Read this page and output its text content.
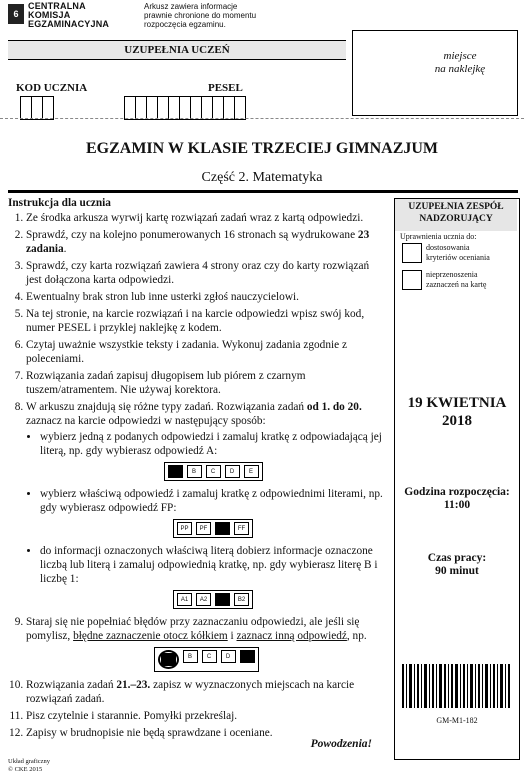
6
CENTRALNA
KOMISJA
EGZAMINACYJNA
Arkusz zawiera informacje
prawnie chronione do momentu
rozpoczęcia egzaminu.
UZUPEŁNIA UCZEŃ
KOD UCZNIA	PESEL
miejsce
na naklejkę
EGZAMIN W KLASIE TRZECIEJ GIMNAZJUM
Część 2. Matematyka
Instrukcja dla ucznia
1. Ze środka arkusza wyrwij kartę rozwiązań zadań wraz z kartą odpowiedzi.
2. Sprawdź, czy na kolejno ponumerowanych 16 stronach są wydrukowane 23 zadania.
3. Sprawdź, czy karta rozwiązań zawiera 4 strony oraz czy do karty rozwiązań jest dołączona karta odpowiedzi.
4. Ewentualny brak stron lub inne usterki zgłoś nauczycielowi.
5. Na tej stronie, na karcie rozwiązań i na karcie odpowiedzi wpisz swój kod, numer PESEL i przyklej naklejkę z kodem.
6. Czytaj uważnie wszystkie teksty i zadania. Wykonuj zadania zgodnie z poleceniami.
7. Rozwiązania zadań zapisuj długopisem lub piórem z czarnym tuszem/atramentem. Nie używaj korektora.
8. W arkuszu znajdują się różne typy zadań. Rozwiązania zadań od 1. do 20. zaznacz na karcie odpowiedzi w następujący sposób:
• wybierz jedną z podanych odpowiedzi i zamaluj kratkę z odpowiadającą jej literą, np. gdy wybierasz odpowiedź A:
B	C	D	E
• wybierz właściwą odpowiedź i zamaluj kratkę z odpowiednimi literami, np. gdy wybierasz odpowiedź FP:
PP	PF	FF
• do informacji oznaczonych właściwą literą dobierz informacje oznaczone liczbą lub literą i zamaluj odpowiednią kratkę, np. gdy wybierasz literę B i liczbę 1:
A1	A2	B2
9. Staraj się nie popełniać błędów przy zaznaczaniu odpowiedzi, ale jeśli się pomylisz, błędne zaznaczenie otocz kółkiem i zaznacz inną odpowiedź, np.
B	C	D
10. Rozwiązania zadań 21.–23. zapisz w wyznaczonych miejscach na karcie rozwiązań zadań.
11. Pisz czytelnie i starannie. Pomyłki przekreślaj.
12. Zapisy w brudnopisie nie będą sprawdzane i oceniane.
Powodzenia!
UZUPEŁNIA ZESPÓŁ
NADZORUJĄCY
Uprawnienia ucznia do:
dostosowania
kryteriów oceniania
nieprzenoszenia
zaznaczeń na kartę
19 KWIETNIA
2018
Godzina rozpoczęcia:
11:00
Czas pracy:
90 minut
GM-M1-182
Układ graficzny
© CKE 2015
